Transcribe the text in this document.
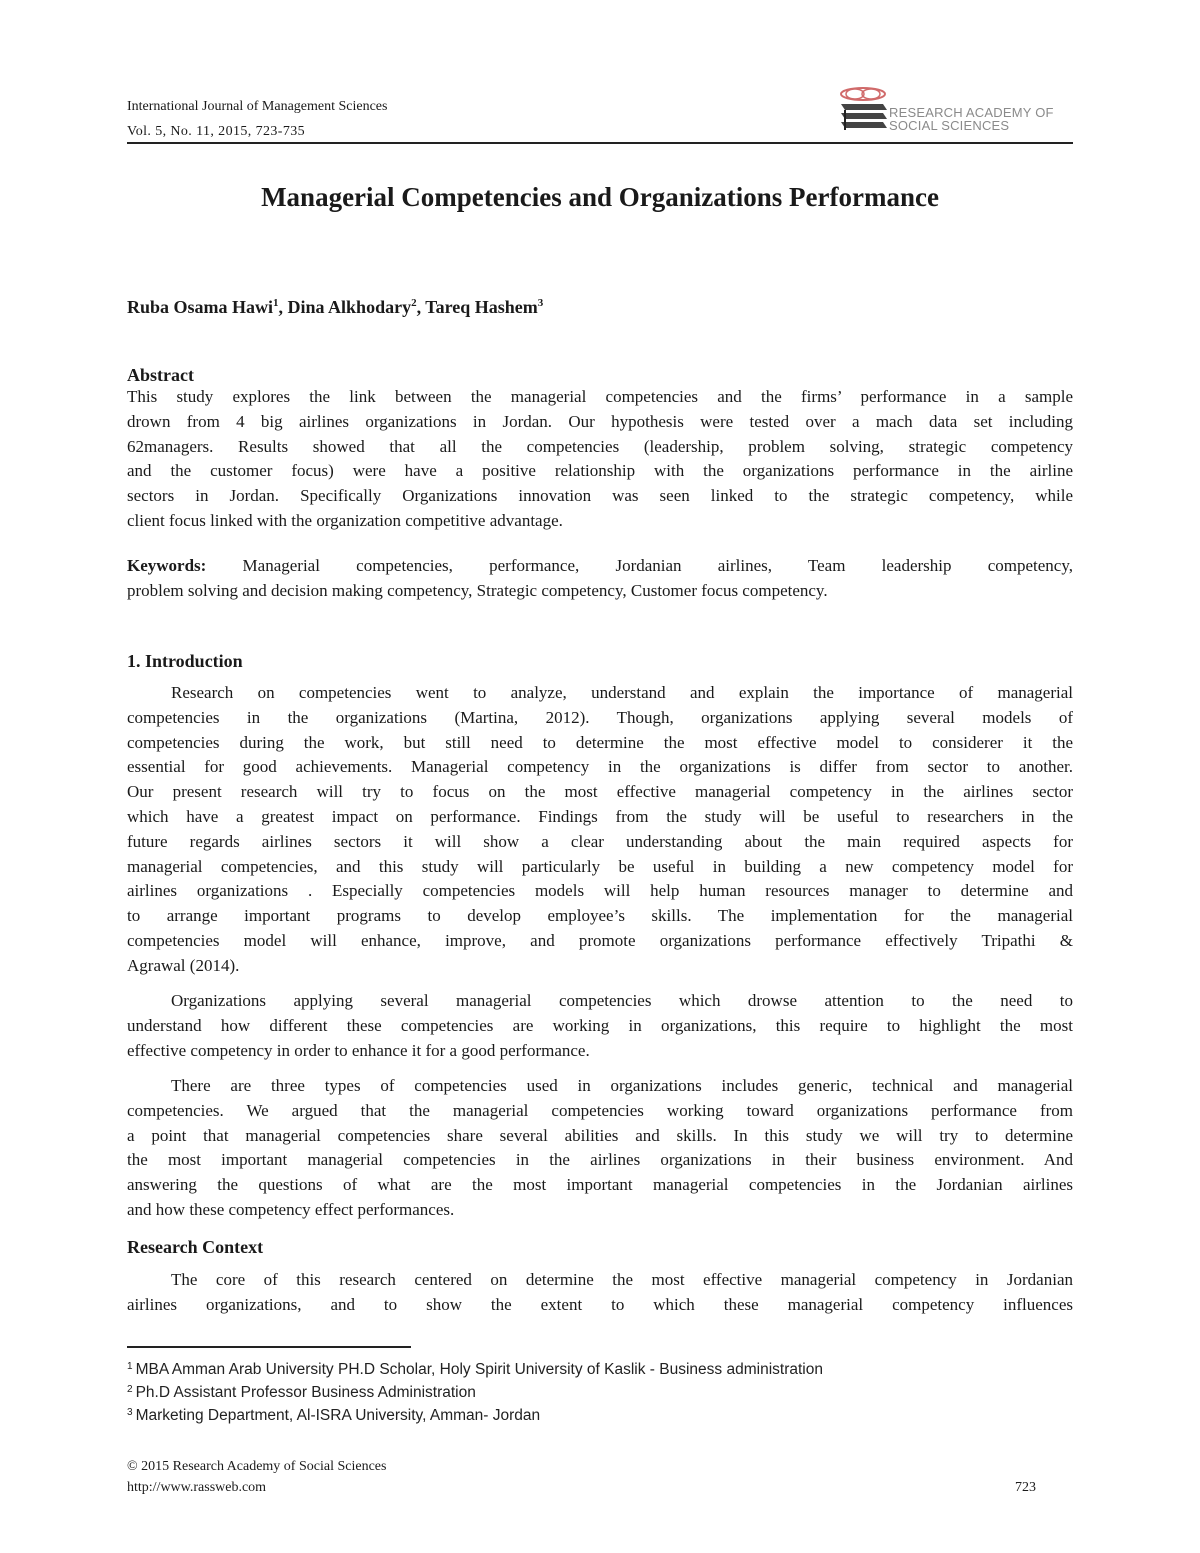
International Journal of Management Sciences
Vol. 5, No. 11, 2015, 723-735
RESEARCH ACADEMY OF
SOCIAL SCIENCES
Managerial Competencies and Organizations Performance
Ruba Osama Hawi$^1$, Dina Alkhodary$^2$, Tareq Hashem$^3$
Abstract
This study explores the link between the managerial competencies and the firms’ performance in a sample
drown from 4 big airlines organizations in Jordan. Our hypothesis were tested over a mach data set including
62managers. Results showed that all the competencies (leadership, problem solving, strategic competency
and the customer focus) were have a positive relationship with the organizations performance in the airline
sectors in Jordan. Specifically Organizations innovation was seen linked to the strategic competency, while
client focus linked with the organization competitive advantage.
Keywords: Managerial competencies, performance, Jordanian airlines, Team leadership competency,
problem solving and decision making competency, Strategic competency, Customer focus competency.
1. Introduction
Research on competencies went to analyze, understand and explain the importance of managerial
competencies in the organizations (Martina, 2012). Though, organizations applying several models of
competencies during the work, but still need to determine the most effective model to considerer it the
essential for good achievements. Managerial competency in the organizations is differ from sector to another.
Our present research will try to focus on the most effective managerial competency in the airlines sector
which have a greatest impact on performance. Findings from the study will be useful to researchers in the
future regards airlines sectors it will show a clear understanding about the main required aspects for
managerial competencies, and this study will particularly be useful in building a new competency model for
airlines organizations . Especially competencies models will help human resources manager to determine and
to arrange important programs to develop employee’s skills. The implementation for the managerial
competencies model will enhance, improve, and promote organizations performance effectively Tripathi &
Agrawal (2014).
Organizations applying several managerial competencies which drowse attention to the need to
understand how different these competencies are working in organizations, this require to highlight the most
effective competency in order to enhance it for a good performance.
There are three types of competencies used in organizations includes generic, technical and managerial
competencies. We argued that the managerial competencies working toward organizations performance from
a point that managerial competencies share several abilities and skills. In this study we will try to determine
the most important managerial competencies in the airlines organizations in their business environment. And
answering the questions of what are the most important managerial competencies in the Jordanian airlines
and how these competency effect performances.
Research Context
The core of this research centered on determine the most effective managerial competency in Jordanian
airlines organizations, and to show the extent to which these managerial competency influences
$^1$ MBA Amman Arab University PH.D Scholar, Holy Spirit University of Kaslik - Business administration
$^2$ Ph.D Assistant Professor Business Administration
$^3$ Marketing Department, Al-ISRA University, Amman- Jordan
© 2015 Research Academy of Social Sciences
http://www.rassweb.com	723
